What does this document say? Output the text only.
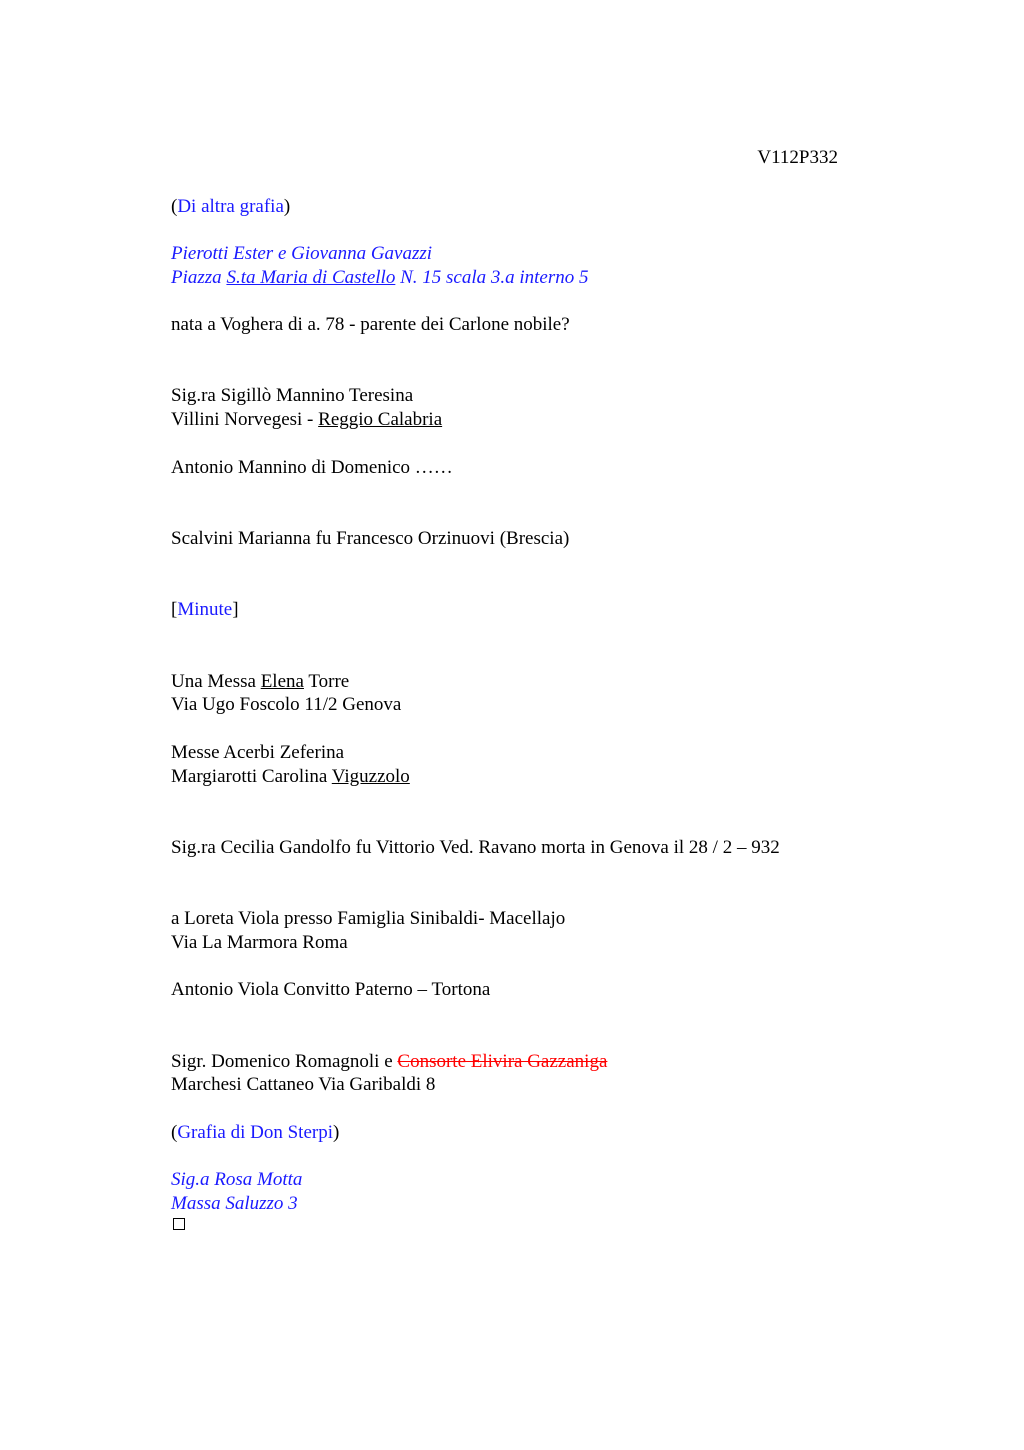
V112P332
(Di altra grafia)
Pierotti Ester e Giovanna Gavazzi
Piazza S.ta Maria di Castello N. 15 scala 3.a interno 5
nata a Voghera di a. 78 - parente dei Carlone nobile?
Sig.ra Sigillò Mannino Teresina
Villini Norvegesi - Reggio Calabria
Antonio Mannino di Domenico ……
Scalvini Marianna fu Francesco Orzinuovi (Brescia)
[Minute]
Una Messa Elena Torre
Via Ugo Foscolo 11/2 Genova
Messe Acerbi Zeferina
Margiarotti Carolina Viguzzolo
Sig.ra Cecilia Gandolfo fu Vittorio Ved. Ravano morta in Genova il 28 / 2 – 932
a Loreta Viola presso Famiglia Sinibaldi- Macellajo
Via La Marmora Roma
Antonio Viola Convitto Paterno – Tortona
Sigr. Domenico Romagnoli e Consorte Elivira Gazzaniga
Marchesi Cattaneo Via Garibaldi 8
(Grafia di Don Sterpi)
Sig.a Rosa Motta
Massa Saluzzo 3
